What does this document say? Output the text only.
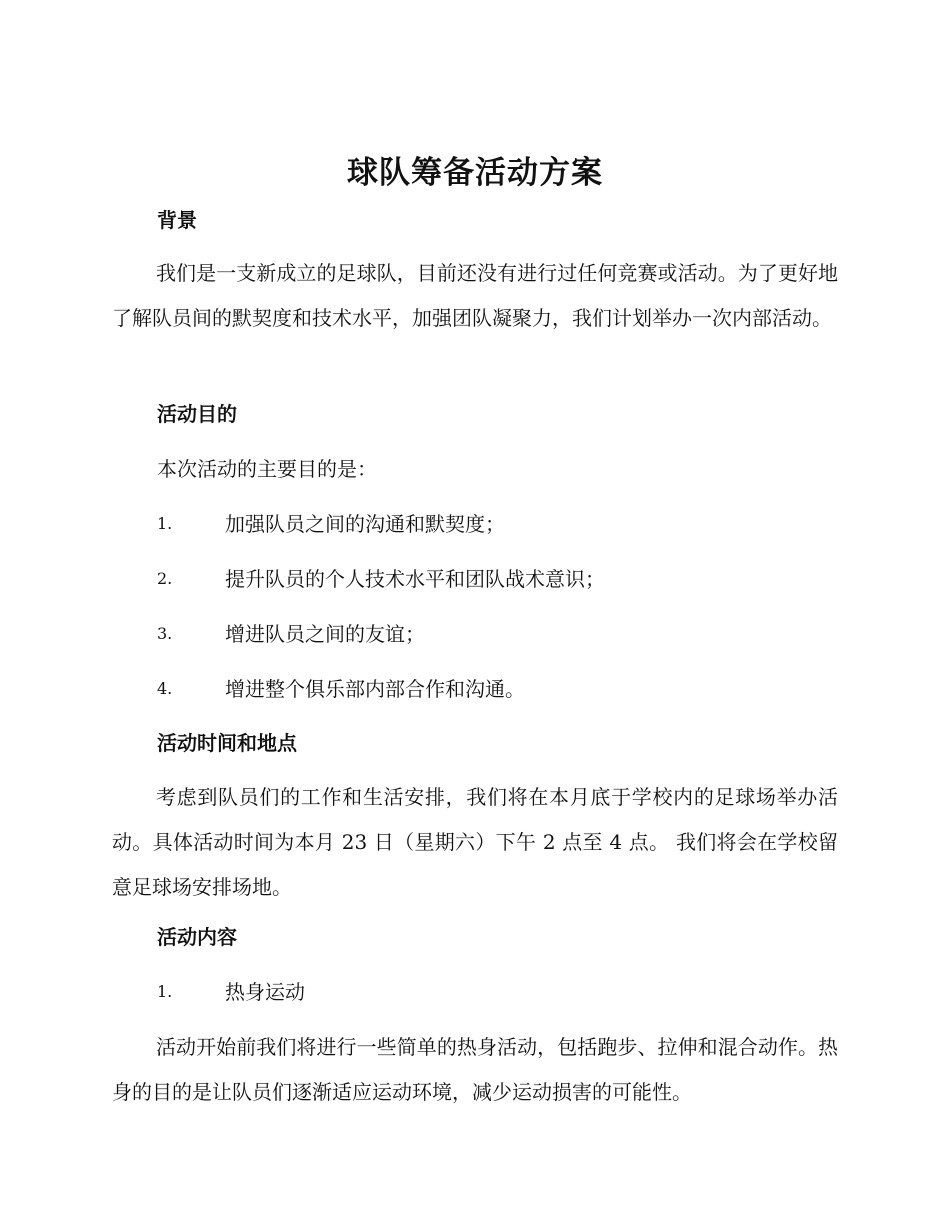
球队筹备活动方案
背景

我们是一支新成立的足球队，目前还没有进行过任何竞赛或活动。为了更好地了解队员间的默契度和技术水平，加强团队凝聚力，我们计划举办一次内部活动。

活动目的
本次活动的主要目的是：
1.	加强队员之间的沟通和默契度；
2.	提升队员的个人技术水平和团队战术意识；
3.	增进队员之间的友谊；
4.	增进整个俱乐部内部合作和沟通。
活动时间和地点

考虑到队员们的工作和生活安排，我们将在本月底于学校内的足球场举办活动。具体活动时间为本月 23 日（星期六）下午 2 点至 4 点。 我们将会在学校留意足球场安排场地。

活动内容
1.	热身运动

活动开始前我们将进行一些简单的热身活动，包括跑步、拉伸和混合动作。热身的目的是让队员们逐渐适应运动环境，减少运动损害的可能性。
